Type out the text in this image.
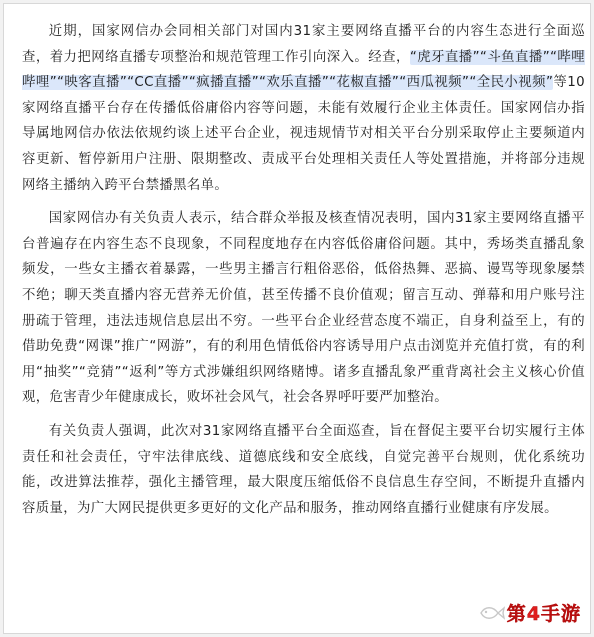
近期，国家网信办会同相关部门对国内31家主要网络直播平台的内容生态进行全面巡查，着力把网络直播专项整治和规范管理工作引向深入。经查，“虎牙直播”“斗鱼直播”“哔哩哔哩”“映客直播”“CC直播”“疯播直播”“欢乐直播”“花椒直播”“西瓜视频”“全民小视频”等10家网络直播平台存在传播低俗庸俗内容等问题，未能有效履行企业主体责任。国家网信办指导属地网信办依法依规约谈上述平台企业，视违规情节对相关平台分别采取停止主要频道内容更新、暂停新用户注册、限期整改、责成平台处理相关责任人等处置措施，并将部分违规网络主播纳入跨平台禁播黑名单。

国家网信办有关负责人表示，结合群众举报及核查情况表明，国内31家主要网络直播平台普遍存在内容生态不良现象，不同程度地存在内容低俗庸俗问题。其中，秀场类直播乱象频发，一些女主播衣着暴露，一些男主播言行粗俗恶俗，低俗热舞、恶搞、谩骂等现象屡禁不绝；聊天类直播内容无营养无价值，甚至传播不良价值观；留言互动、弹幕和用户账号注册疏于管理，违法违规信息层出不穷。一些平台企业经营态度不端正，自身利益至上，有的借助免费“网课”推广“网游”，有的利用色情低俗内容诱导用户点击浏览并充值打赏，有的利用“抽奖”“竞猜”“返利”等方式涉嫌组织网络赌博。诸多直播乱象严重背离社会主义核心价值观，危害青少年健康成长，败坏社会风气，社会各界呼吁要严加整治。

有关负责人强调，此次对31家网络直播平台全面巡查，旨在督促主要平台切实履行主体责任和社会责任，守牢法律底线、道德底线和安全底线，自觉完善平台规则，优化系统功能，改进算法推荐，强化主播管理，最大限度压缩低俗不良信息生存空间，不断提升直播内容质量，为广大网民提供更多更好的文化产品和服务，推动网络直播行业健康有序发展。

第4手游
